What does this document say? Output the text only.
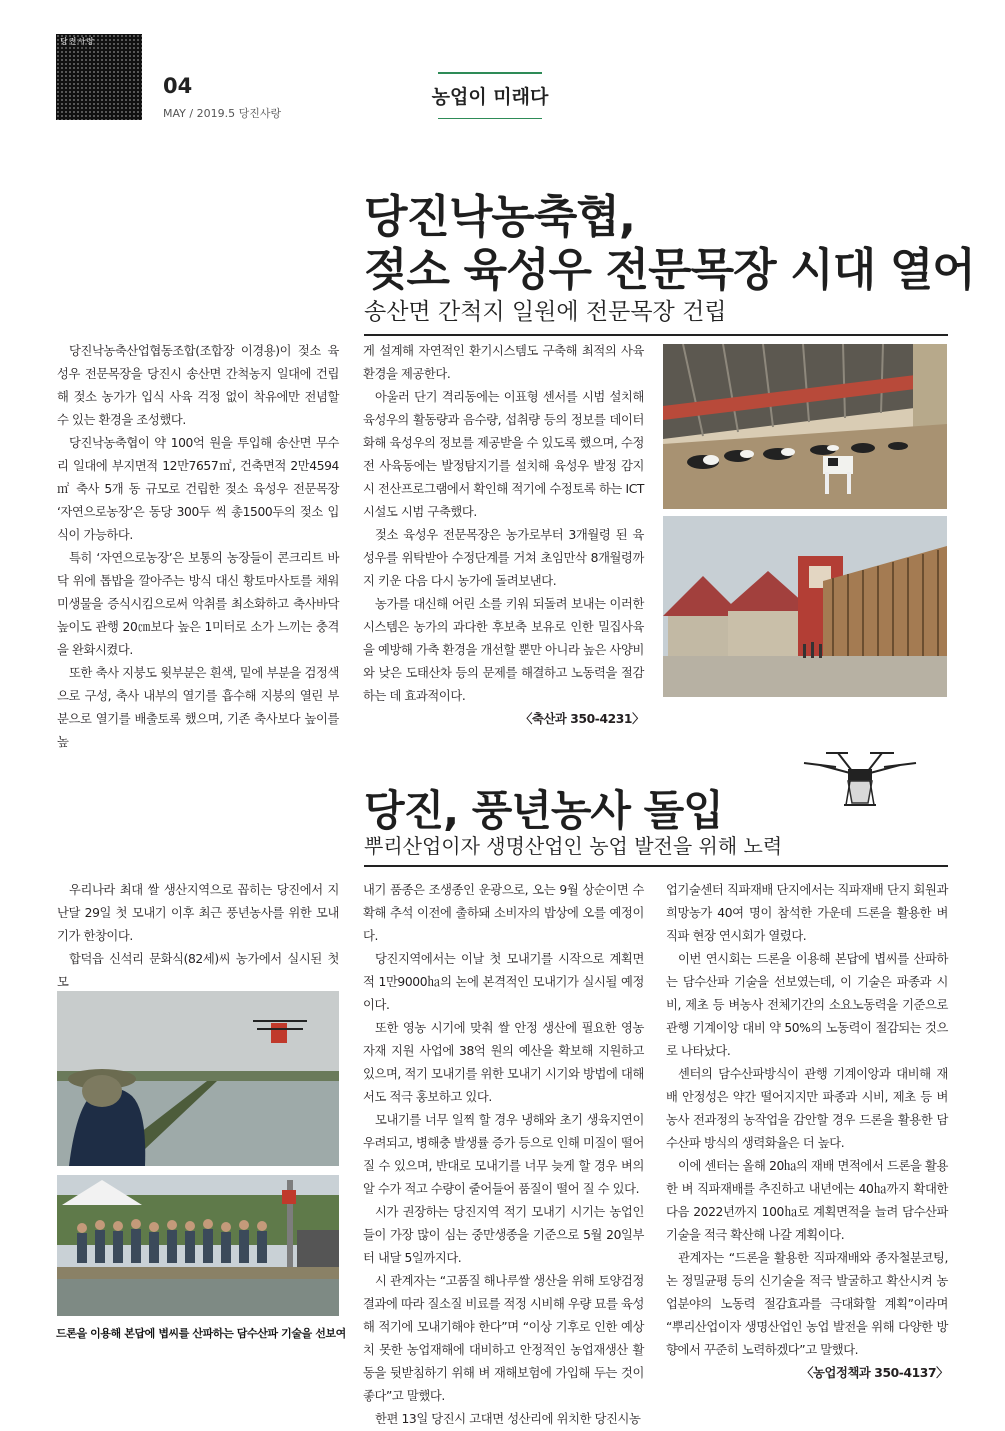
당진사랑
04
MAY / 2019.5 당진사랑
농업이 미래다
당진낙농축협,
젖소 육성우 전문목장 시대 열어
송산면 간척지 일원에 전문목장 건립

당진낙농축산업협동조합(조합장 이경용)이 젖소 육성우 전문목장을 당진시 송산면 간척농지 일대에 건립해 젖소 농가가 입식 사육 걱정 없이 착유에만 전념할 수 있는 환경을 조성했다.

당진낙농축협이 약 100억 원을 투입해 송산면 무수리 일대에 부지면적 12만7657㎡, 건축면적 2만4594㎡ 축사 5개 동 규모로 건립한 젖소 육성우 전문목장 ‘자연으로농장’은 동당 300두 씩 총1500두의 젖소 입식이 가능하다.

특히 ‘자연으로농장’은 보통의 농장들이 콘크리트 바닥 위에 톱밥을 깔아주는 방식 대신 황토마사토를 채워 미생물을 증식시킴으로써 악취를 최소화하고 축사바닥 높이도 관행 20㎝보다 높은 1미터로 소가 느끼는 충격을 완화시켰다.

또한 축사 지붕도 윗부분은 흰색, 밑에 부분을 검정색으로 구성, 축사 내부의 열기를 흡수해 지붕의 열린 부분으로 열기를 배출토록 했으며, 기존 축사보다 높이를 높

게 설계해 자연적인 환기시스템도 구축해 최적의 사육환경을 제공한다.

아울러 단기 격리동에는 이표형 센서를 시범 설치해 육성우의 활동량과 음수량, 섭취량 등의 정보를 데이터화해 육성우의 정보를 제공받을 수 있도록 했으며, 수정 전 사육동에는 발정탐지기를 설치해 육성우 발정 감지 시 전산프로그램에서 확인해 적기에 수정토록 하는 ICT시설도 시범 구축했다.

젖소 육성우 전문목장은 농가로부터 3개월령 된 육성우를 위탁받아 수정단계를 거쳐 초임만삭 8개월령까지 키운 다음 다시 농가에 돌려보낸다.

농가를 대신해 어린 소를 키워 되돌려 보내는 이러한 시스템은 농가의 과다한 후보축 보유로 인한 밀집사육을 예방해 가축 환경을 개선할 뿐만 아니라 높은 사양비와 낮은 도태산차 등의 문제를 해결하고 노동력을 절감하는 데 효과적이다.

〈축산과 350-4231〉
당진, 풍년농사 돌입
뿌리산업이자 생명산업인 농업 발전을 위해 노력

우리나라 최대 쌀 생산지역으로 꼽히는 당진에서 지난달 29일 첫 모내기 이후 최근 풍년농사를 위한 모내기가 한창이다.

합덕읍 신석리 문화식(82세)씨 농가에서 실시된 첫 모

드론을 이용해 본답에 볍씨를 산파하는 담수산파 기술을 선보여

내기 품종은 조생종인 운광으로, 오는 9월 상순이면 수확해 추석 이전에 출하돼 소비자의 밥상에 오를 예정이다.

당진지역에서는 이날 첫 모내기를 시작으로 계획면적 1만9000㏊의 논에 본격적인 모내기가 실시될 예정이다.

또한 영농 시기에 맞춰 쌀 안정 생산에 필요한 영농자재 지원 사업에 38억 원의 예산을 확보해 지원하고 있으며, 적기 모내기를 위한 모내기 시기와 방법에 대해서도 적극 홍보하고 있다.

모내기를 너무 일찍 할 경우 냉해와 초기 생육지연이 우려되고, 병해충 발생률 증가 등으로 인해 미질이 떨어질 수 있으며, 반대로 모내기를 너무 늦게 할 경우 벼의 알 수가 적고 수량이 줄어들어 품질이 떨어 질 수 있다.

시가 권장하는 당진지역 적기 모내기 시기는 농업인들이 가장 많이 심는 중만생종을 기준으로 5월 20일부터 내달 5일까지다.

시 관계자는 “고품질 해나루쌀 생산을 위해 토양검정 결과에 따라 질소질 비료를 적정 시비해 우량 묘를 육성해 적기에 모내기해야 한다”며 “이상 기후로 인한 예상치 못한 농업재해에 대비하고 안정적인 농업재생산 활동을 뒷받침하기 위해 벼 재해보험에 가입해 두는 것이 좋다”고 말했다.

한편 13일 당진시 고대면 성산리에 위치한 당진시농

업기술센터 직파재배 단지에서는 직파재배 단지 회원과 희망농가 40여 명이 참석한 가운데 드론을 활용한 벼 직파 현장 연시회가 열렸다.

이번 연시회는 드론을 이용해 본답에 볍씨를 산파하는 담수산파 기술을 선보였는데, 이 기술은 파종과 시비, 제초 등 벼농사 전체기간의 소요노동력을 기준으로 관행 기계이앙 대비 약 50%의 노동력이 절감되는 것으로 나타났다.

센터의 담수산파방식이 관행 기계이앙과 대비해 재배 안정성은 약간 떨어지지만 파종과 시비, 제초 등 벼농사 전과정의 농작업을 감안할 경우 드론을 활용한 담수산파 방식의 생력화율은 더 높다.

이에 센터는 올해 20㏊의 재배 면적에서 드론을 활용한 벼 직파재배를 추진하고 내년에는 40㏊까지 확대한 다음 2022년까지 100㏊로 계획면적을 늘려 담수산파기술을 적극 확산해 나갈 계획이다.

관계자는 “드론을 활용한 직파재배와 종자철분코팅, 논 정밀균평 등의 신기술을 적극 발굴하고 확산시켜 농업분야의 노동력 절감효과를 극대화할 계획”이라며 “뿌리산업이자 생명산업인 농업 발전을 위해 다양한 방향에서 꾸준히 노력하겠다”고 말했다.

〈농업정책과 350-4137〉
